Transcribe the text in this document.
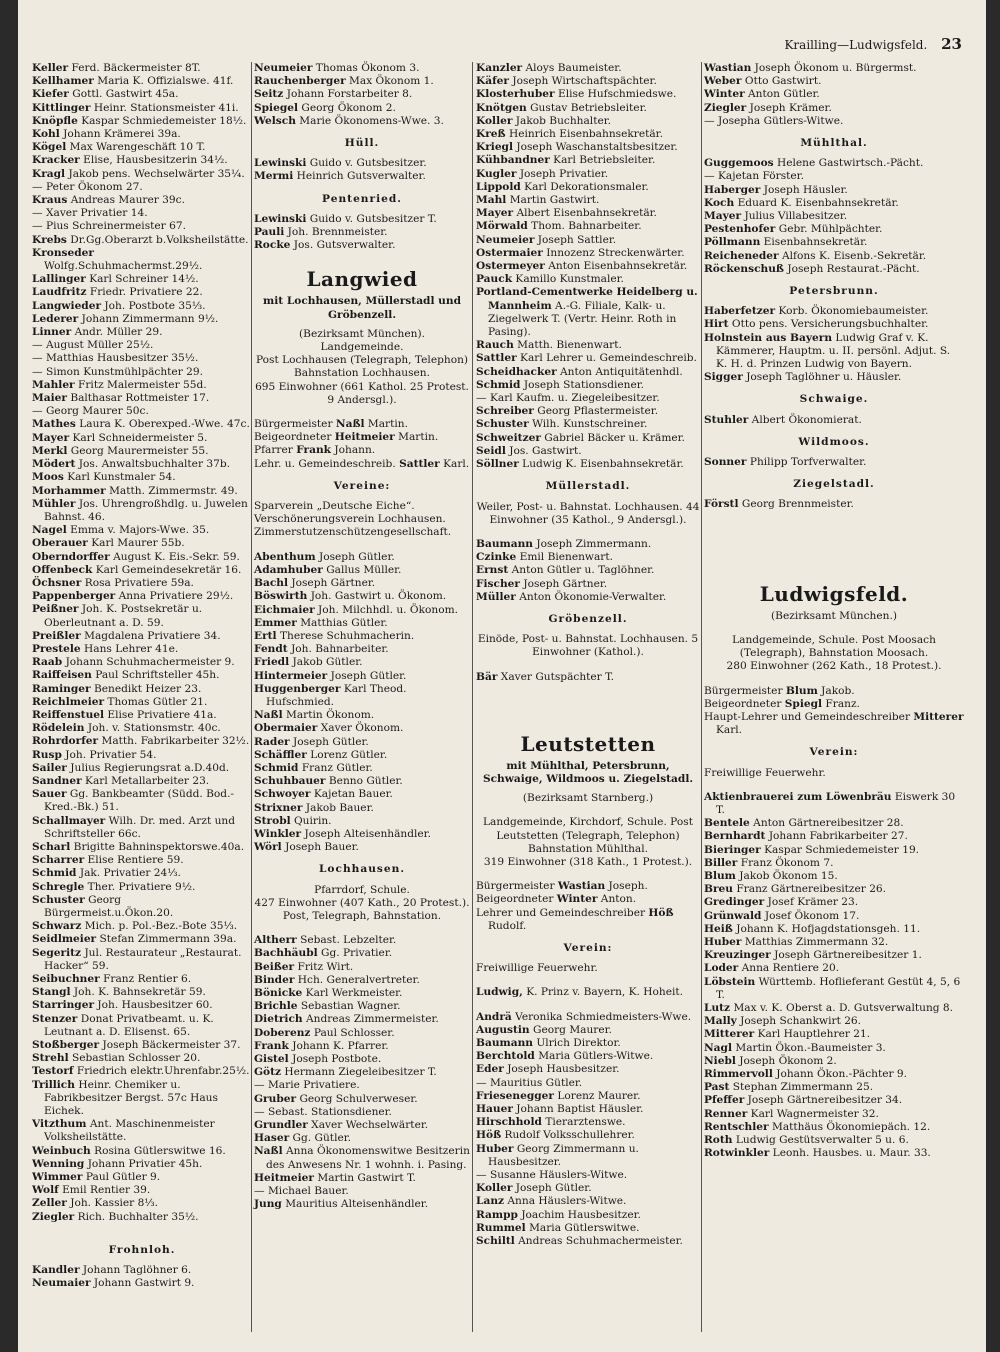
Krailling—Ludwigsfeld. 23
Keller Ferd. Bäckermeister 8T.
Kellhamer Maria K. Offizialswe. 41f.
Kiefer Gottl. Gastwirt 45a.
Kittlinger Heinr. Stationsmeister 41i.
Knöpfle Kaspar Schmiedemeister 18½.
Kohl Johann Krämerei 39a.
Kögel Max Warengeschäft 10 T.
Kracker Elise, Hausbesitzerin 34½.
Kragl Jakob pens. Wechselwärter 35¼.
— Peter Ökonom 27.
Kraus Andreas Maurer 39c.
— Xaver Privatier 14.
— Pius Schreinermeister 67.
Krebs Dr.Gg.Oberarzt b.Volksheilstätte.
Kronseder Wolfg.Schuhmachermst.29½.
Lallinger Karl Schreiner 14½.
Laudfritz Friedr. Privatiere 22.
Langwieder Joh. Postbote 35⅓.
Lederer Johann Zimmermann 9½.
Linner Andr. Müller 29.
— August Müller 25½.
— Matthias Hausbesitzer 35½.
— Simon Kunstmühlpächter 29.
Mahler Fritz Malermeister 55d.
Maier Balthasar Rottmeister 17.
— Georg Maurer 50c.
Mathes Laura K. Oberexped.-Wwe. 47c.
Mayer Karl Schneidermeister 5.
Merkl Georg Maurermeister 55.
Mödert Jos. Anwaltsbuchhalter 37b.
Moos Karl Kunstmaler 54.
Morhammer Matth. Zimmermstr. 49.
Mühler Jos. Uhrengroßhdlg. u. Juwelen Bahnst. 46.
Nagel Emma v. Majors-Wwe. 35.
Oberauer Karl Maurer 55b.
Oberndorffer August K. Eis.-Sekr. 59.
Offenbeck Karl Gemeindesekretär 16.
Öchsner Rosa Privatiere 59a.
Pappenberger Anna Privatiere 29½.
Peißner Joh. K. Postsekretär u. Oberleutnant a. D. 59.
Preißler Magdalena Privatiere 34.
Prestele Hans Lehrer 41e.
Raab Johann Schuhmachermeister 9.
Raiffeisen Paul Schriftsteller 45h.
Raminger Benedikt Heizer 23.
Reichlmeier Thomas Gütler 21.
Reiffenstuel Elise Privatiere 41a.
Rödelein Joh. v. Stationsmstr. 40c.
Rohrdorfer Matth. Fabrikarbeiter 32½.
Rusp Joh. Privatier 54.
Sailer Julius Regierungsrat a.D.40d.
Sandner Karl Metallarbeiter 23.
Sauer Gg. Bankbeamter (Südd. Bod.-Kred.-Bk.) 51.
Schallmayer Wilh. Dr. med. Arzt und Schriftsteller 66c.
Scharl Brigitte Bahninspektorswe.40a.
Scharrer Elise Rentiere 59.
Schmid Jak. Privatier 24⅓.
Schregle Ther. Privatiere 9½.
Schuster Georg Bürgermeist.u.Ökon.20.
Schwarz Mich. p. Pol.-Bez.-Bote 35⅓.
Seidlmeier Stefan Zimmermann 39a.
Segeritz Jul. Restaurateur „Restaurat. Hacker“ 59.
Seibuchner Franz Rentier 6.
Stangl Joh. K. Bahnsekretär 59.
Starringer Joh. Hausbesitzer 60.
Stenzer Donat Privatbeamt. u. K. Leutnant a. D. Elisenst. 65.
Stoßberger Joseph Bäckermeister 37.
Strehl Sebastian Schlosser 20.
Testorf Friedrich elektr.Uhrenfabr.25½.
Trillich Heinr. Chemiker u. Fabrikbesitzer Bergst. 57c Haus Eichek.
Vitzthum Ant. Maschinenmeister Volksheilstätte.
Weinbuch Rosina Gütlerswitwe 16.
Wenning Johann Privatier 45h.
Wimmer Paul Gütler 9.
Wolf Emil Rentier 39.
Zeller Joh. Kassier 8⅓.
Ziegler Rich. Buchhalter 35½.
Frohnloh.
Kandler Johann Taglöhner 6.
Neumaier Johann Gastwirt 9.
Neumeier Thomas Ökonom 3.
Rauchenberger Max Ökonom 1.
Seitz Johann Forstarbeiter 8.
Spiegel Georg Ökonom 2.
Welsch Marie Ökonomens-Wwe. 3.
Hüll.
Lewinski Guido v. Gutsbesitzer.
Mermi Heinrich Gutsverwalter.
Pentenried.
Lewinski Guido v. Gutsbesitzer T.
Pauli Joh. Brennmeister.
Rocke Jos. Gutsverwalter.
Langwied
mit Lochhausen, Müllerstadl und Gröbenzell.
(Bezirksamt München).
Landgemeinde.
Post Lochhausen (Telegraph, Telephon) Bahnstation Lochhausen.
695 Einwohner (661 Kathol. 25 Protest. 9 Andersgl.).
Bürgermeister Naßl Martin.
Beigeordneter Heitmeier Martin.
Pfarrer Frank Johann.
Lehr. u. Gemeindeschreib. Sattler Karl.
Vereine:
Sparverein „Deutsche Eiche“.
Verschönerungsverein Lochhausen.
Zimmerstutzenschützengesellschaft.
Abenthum Joseph Gütler.
Adamhuber Gallus Müller.
Bachl Joseph Gärtner.
Böswirth Joh. Gastwirt u. Ökonom.
Eichmaier Joh. Milchhdl. u. Ökonom.
Emmer Matthias Gütler.
Ertl Therese Schuhmacherin.
Fendt Joh. Bahnarbeiter.
Friedl Jakob Gütler.
Hintermeier Joseph Gütler.
Huggenberger Karl Theod. Hufschmied.
Naßl Martin Ökonom.
Obermaier Xaver Ökonom.
Rader Joseph Gütler.
Schäffler Lorenz Gütler.
Schmid Franz Gütler.
Schuhbauer Benno Gütler.
Schwoyer Kajetan Bauer.
Strixner Jakob Bauer.
Strobl Quirin.
Winkler Joseph Alteisenhändler.
Wörl Joseph Bauer.
Lochhausen.
Pfarrdorf, Schule.
427 Einwohner (407 Kath., 20 Protest.). Post, Telegraph, Bahnstation.
Altherr Sebast. Lebzelter.
Bachhäubl Gg. Privatier.
Beißer Fritz Wirt.
Binder Hch. Generalvertreter.
Bönicke Karl Werkmeister.
Brichle Sebastian Wagner.
Dietrich Andreas Zimmermeister.
Doberenz Paul Schlosser.
Frank Johann K. Pfarrer.
Gistel Joseph Postbote.
Götz Hermann Ziegeleibesitzer T.
— Marie Privatiere.
Gruber Georg Schulverweser.
— Sebast. Stationsdiener.
Grundler Xaver Wechselwärter.
Haser Gg. Gütler.
Naßl Anna Ökonomenswitwe Besitzerin des Anwesens Nr. 1 wohnh. i. Pasing.
Heitmeier Martin Gastwirt T.
— Michael Bauer.
Jung Mauritius Alteisenhändler.
Kanzler Aloys Baumeister.
Käfer Joseph Wirtschaftspächter.
Klosterhuber Elise Hufschmiedswe.
Knötgen Gustav Betriebsleiter.
Koller Jakob Buchhalter.
Kreß Heinrich Eisenbahnsekretär.
Kriegl Joseph Waschanstaltsbesitzer.
Kühbandner Karl Betriebsleiter.
Kugler Joseph Privatier.
Lippold Karl Dekorationsmaler.
Mahl Martin Gastwirt.
Mayer Albert Eisenbahnsekretär.
Mörwald Thom. Bahnarbeiter.
Neumeier Joseph Sattler.
Ostermaier Innozenz Streckenwärter.
Ostermeyer Anton Eisenbahnsekretär.
Pauck Kamillo Kunstmaler.
Portland-Cementwerke Heidelberg u. Mannheim A.-G. Filiale, Kalk- u. Ziegelwerk T. (Vertr. Heinr. Roth in Pasing).
Rauch Matth. Bienenwart.
Sattler Karl Lehrer u. Gemeindeschreib.
Scheidhacker Anton Antiquitätenhdl.
Schmid Joseph Stationsdiener.
— Karl Kaufm. u. Ziegeleibesitzer.
Schreiber Georg Pflastermeister.
Schuster Wilh. Kunstschreiner.
Schweitzer Gabriel Bäcker u. Krämer.
Seidl Jos. Gastwirt.
Söllner Ludwig K. Eisenbahnsekretär.
Müllerstadl.
Weiler, Post- u. Bahnstat. Lochhausen. 44 Einwohner (35 Kathol., 9 Andersgl.).
Baumann Joseph Zimmermann.
Czinke Emil Bienenwart.
Ernst Anton Gütler u. Taglöhner.
Fischer Joseph Gärtner.
Müller Anton Ökonomie-Verwalter.
Gröbenzell.
Einöde, Post- u. Bahnstat. Lochhausen. 5 Einwohner (Kathol.).
Bär Xaver Gutspächter T.
Leutstetten
mit Mühlthal, Petersbrunn, Schwaige, Wildmoos u. Ziegelstadl.
(Bezirksamt Starnberg.)
Landgemeinde, Kirchdorf, Schule. Post Leutstetten (Telegraph, Telephon) Bahnstation Mühlthal.
319 Einwohner (318 Kath., 1 Protest.).
Bürgermeister Wastian Joseph.
Beigeordneter Winter Anton.
Lehrer und Gemeindeschreiber Höß Rudolf.
Verein:
Freiwillige Feuerwehr.
Ludwig, K. Prinz v. Bayern, K. Hoheit.
Andrä Veronika Schmiedmeisters-Wwe.
Augustin Georg Maurer.
Baumann Ulrich Direktor.
Berchtold Maria Gütlers-Witwe.
Eder Joseph Hausbesitzer.
— Mauritius Gütler.
Friesenegger Lorenz Maurer.
Hauer Johann Baptist Häusler.
Hirschhold Tierarztenswe.
Höß Rudolf Volksschullehrer.
Huber Georg Zimmermann u. Hausbesitzer.
— Susanne Häuslers-Witwe.
Koller Joseph Gütler.
Lanz Anna Häuslers-Witwe.
Rampp Joachim Hausbesitzer.
Rummel Maria Gütlerswitwe.
Schiltl Andreas Schuhmachermeister.
Wastian Joseph Ökonom u. Bürgermst.
Weber Otto Gastwirt.
Winter Anton Gütler.
Ziegler Joseph Krämer.
— Josepha Gütlers-Witwe.
Mühlthal.
Guggemoos Helene Gastwirtsch.-Pächt.
— Kajetan Förster.
Haberger Joseph Häusler.
Koch Eduard K. Eisenbahnsekretär.
Mayer Julius Villabesitzer.
Pestenhofer Gebr. Mühlpächter.
Pöllmann Eisenbahnsekretär.
Reicheneder Alfons K. Eisenb.-Sekretär.
Röckenschuß Joseph Restaurat.-Pächt.
Petersbrunn.
Haberfetzer Korb. Ökonomiebaumeister.
Hirt Otto pens. Versicherungsbuchhalter.
Holnstein aus Bayern Ludwig Graf v. K. Kämmerer, Hauptm. u. II. persönl. Adjut. S. K. H. d. Prinzen Ludwig von Bayern.
Sigger Joseph Taglöhner u. Häusler.
Schwaige.
Stuhler Albert Ökonomierat.
Wildmoos.
Sonner Philipp Torfverwalter.
Ziegelstadl.
Förstl Georg Brennmeister.
Ludwigsfeld.
(Bezirksamt München.)
Landgemeinde, Schule. Post Moosach (Telegraph), Bahnstation Moosach.
280 Einwohner (262 Kath., 18 Protest.).
Bürgermeister Blum Jakob.
Beigeordneter Spiegl Franz.
Haupt-Lehrer und Gemeindeschreiber Mitterer Karl.
Verein:
Freiwillige Feuerwehr.
Aktienbrauerei zum Löwenbräu Eiswerk 30 T.
Bentele Anton Gärtnereibesitzer 28.
Bernhardt Johann Fabrikarbeiter 27.
Bieringer Kaspar Schmiedemeister 19.
Biller Franz Ökonom 7.
Blum Jakob Ökonom 15.
Breu Franz Gärtnereibesitzer 26.
Gredinger Josef Krämer 23.
Grünwald Josef Ökonom 17.
Heiß Johann K. Hofjagdstationsgeh. 11.
Huber Matthias Zimmermann 32.
Kreuzinger Joseph Gärtnereibesitzer 1.
Loder Anna Rentiere 20.
Löbstein Württemb. Hoflieferant Gestüt 4, 5, 6 T.
Lutz Max v. K. Oberst a. D. Gutsverwaltung 8.
Mally Joseph Schankwirt 26.
Mitterer Karl Hauptlehrer 21.
Nagl Martin Ökon.-Baumeister 3.
Niebl Joseph Ökonom 2.
Rimmervoll Johann Ökon.-Pächter 9.
Past Stephan Zimmermann 25.
Pfeffer Joseph Gärtnereibesitzer 34.
Renner Karl Wagnermeister 32.
Rentschler Matthäus Ökonomiepäch. 12.
Roth Ludwig Gestütsverwalter 5 u. 6.
Rotwinkler Leonh. Hausbes. u. Maur. 33.
